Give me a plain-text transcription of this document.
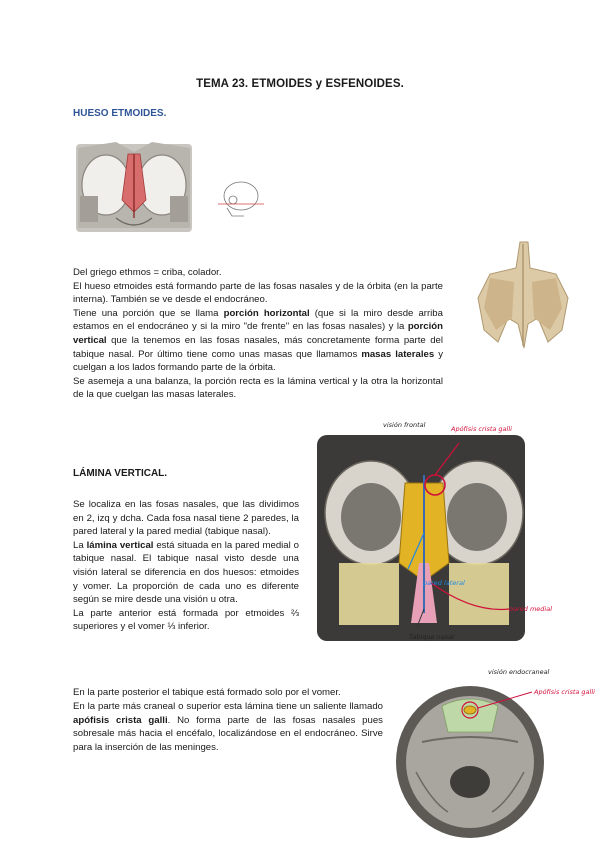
TEMA 23. ETMOIDES y ESFENOIDES.
HUESO ETMOIDES.

Del griego ethmos = criba, colador.

El hueso etmoides está formando parte de las fosas nasales y de la órbita (en la parte interna). También se ve desde el endocráneo.

Tiene una porción que se llama porción horizontal (que si la miro desde arriba estamos en el endocráneo y si la miro "de frente" en las fosas nasales) y la porción vertical que la tenemos en las fosas nasales, más concretamente forma parte del tabique nasal. Por último tiene como unas masas que llamamos masas laterales y cuelgan a los lados formando parte de la órbita.

Se asemeja a una balanza, la porción recta es la lámina vertical y la otra la horizontal de la que cuelgan las masas laterales.

LÁMINA VERTICAL.
visión frontal	Apófisis crista galli
pared lateral
pared medial
Tabique nasal

Se localiza en las fosas nasales, que las dividimos en 2, izq y dcha. Cada fosa nasal tiene 2 paredes, la pared lateral y la pared medial (tabique nasal).

La lámina vertical está situada en la pared medial o tabique nasal. El tabique nasal visto desde una visión lateral se diferencia en dos huesos: etmoides y vomer. La proporción de cada uno es diferente según se mire desde una visión u otra.

La parte anterior está formada por etmoides ⅔ superiores y el vomer ⅓ inferior.

En la parte posterior el tabique está formado solo por el vomer.

visión endocraneal
Apófisis crista galli

En la parte más craneal o superior esta lámina tiene un saliente llamado apófisis crista galli. No forma parte de las fosas nasales pues sobresale más hacia el encéfalo, localizándose en el endocráneo. Sirve para la inserción de las meninges.
